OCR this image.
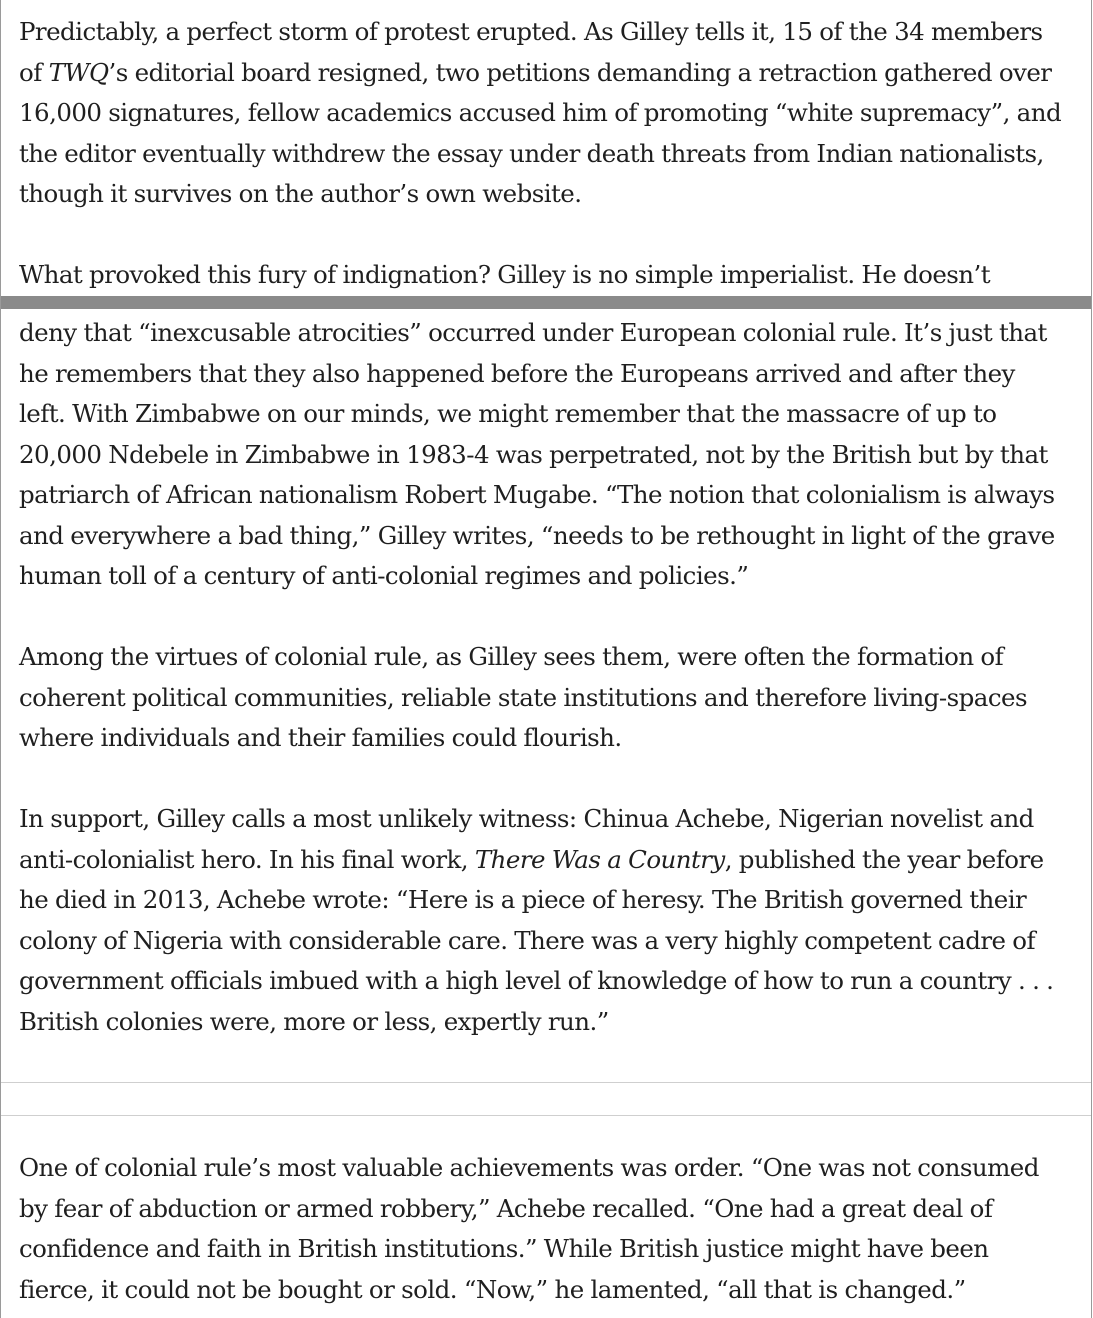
Predictably, a perfect storm of protest erupted. As Gilley tells it, 15 of the 34 members
of TWQ’s editorial board resigned, two petitions demanding a retraction gathered over
16,000 signatures, fellow academics accused him of promoting “white supremacy”, and
the editor eventually withdrew the essay under death threats from Indian nationalists,
though it survives on the author’s own website.
What provoked this fury of indignation? Gilley is no simple imperialist. He doesn’t
deny that “inexcusable atrocities” occurred under European colonial rule. It’s just that
he remembers that they also happened before the Europeans arrived and after they
left. With Zimbabwe on our minds, we might remember that the massacre of up to
20,000 Ndebele in Zimbabwe in 1983-4 was perpetrated, not by the British but by that
patriarch of African nationalism Robert Mugabe. “The notion that colonialism is always
and everywhere a bad thing,” Gilley writes, “needs to be rethought in light of the grave
human toll of a century of anti-colonial regimes and policies.”
Among the virtues of colonial rule, as Gilley sees them, were often the formation of
coherent political communities, reliable state institutions and therefore living-spaces
where individuals and their families could flourish.
In support, Gilley calls a most unlikely witness: Chinua Achebe, Nigerian novelist and
anti-colonialist hero. In his final work, There Was a Country, published the year before
he died in 2013, Achebe wrote: “Here is a piece of heresy. The British governed their
colony of Nigeria with considerable care. There was a very highly competent cadre of
government officials imbued with a high level of knowledge of how to run a country . . .
British colonies were, more or less, expertly run.”
One of colonial rule’s most valuable achievements was order. “One was not consumed
by fear of abduction or armed robbery,” Achebe recalled. “One had a great deal of
confidence and faith in British institutions.” While British justice might have been
fierce, it could not be bought or sold. “Now,” he lamented, “all that is changed.”
